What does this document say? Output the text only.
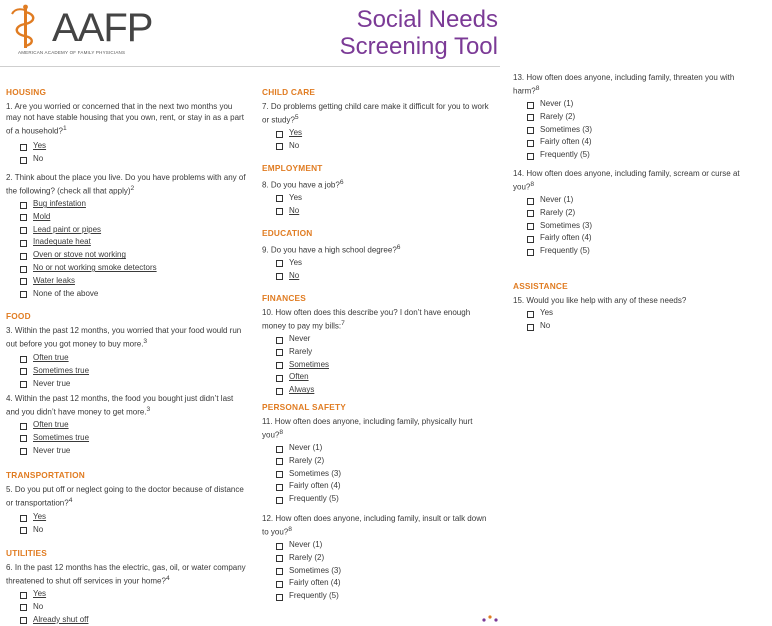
AAFP
AMERICAN ACADEMY OF FAMILY PHYSICIANS
Social Needs
Screening Tool
HOUSING

1. Are you worried or concerned that in the next two months you may not have stable housing that you own, rent, or stay in as a part of a household?$^1$

Yes
No

2. Think about the place you live. Do you have problems with any of the following? (check all that apply)$^2$

Bug infestation
Mold
Lead paint or pipes
Inadequate heat
Oven or stove not working
No or not working smoke detectors
Water leaks
None of the above
FOOD

3. Within the past 12 months, you worried that your food would run out before you got money to buy more.$^3$

Often true
Sometimes true
Never true

4. Within the past 12 months, the food you bought just didn’t last and you didn’t have money to get more.$^3$

Often true
Sometimes true
Never true
TRANSPORTATION

5. Do you put off or neglect going to the doctor because of distance or transportation?$^4$

Yes
No
UTILITIES

6. In the past 12 months has the electric, gas, oil, or water company threatened to shut off services in your home?$^4$

Yes
No
Already shut off
CHILD CARE

7. Do problems getting child care make it difficult for you to work or study?$^5$

Yes
No
EMPLOYMENT

8. Do you have a job?$^6$

Yes
No
EDUCATION

9. Do you have a high school degree?$^6$

Yes
No
FINANCES

10. How often does this describe you? I don’t have enough money to pay my bills:$^7$

Never
Rarely
Sometimes
Often
Always
PERSONAL SAFETY

11. How often does anyone, including family, physically hurt you?$^8$

Never (1)
Rarely (2)
Sometimes (3)
Fairly often (4)
Frequently (5)

12. How often does anyone, including family, insult or talk down to you?$^8$

Never (1)
Rarely (2)
Sometimes (3)
Fairly often (4)
Frequently (5)

13. How often does anyone, including family, threaten you with harm?$^8$

Never (1)
Rarely (2)
Sometimes (3)
Fairly often (4)
Frequently (5)

14. How often does anyone, including family, scream or curse at you?$^8$

Never (1)
Rarely (2)
Sometimes (3)
Fairly often (4)
Frequently (5)
ASSISTANCE

15. Would you like help with any of these needs?

Yes
No
